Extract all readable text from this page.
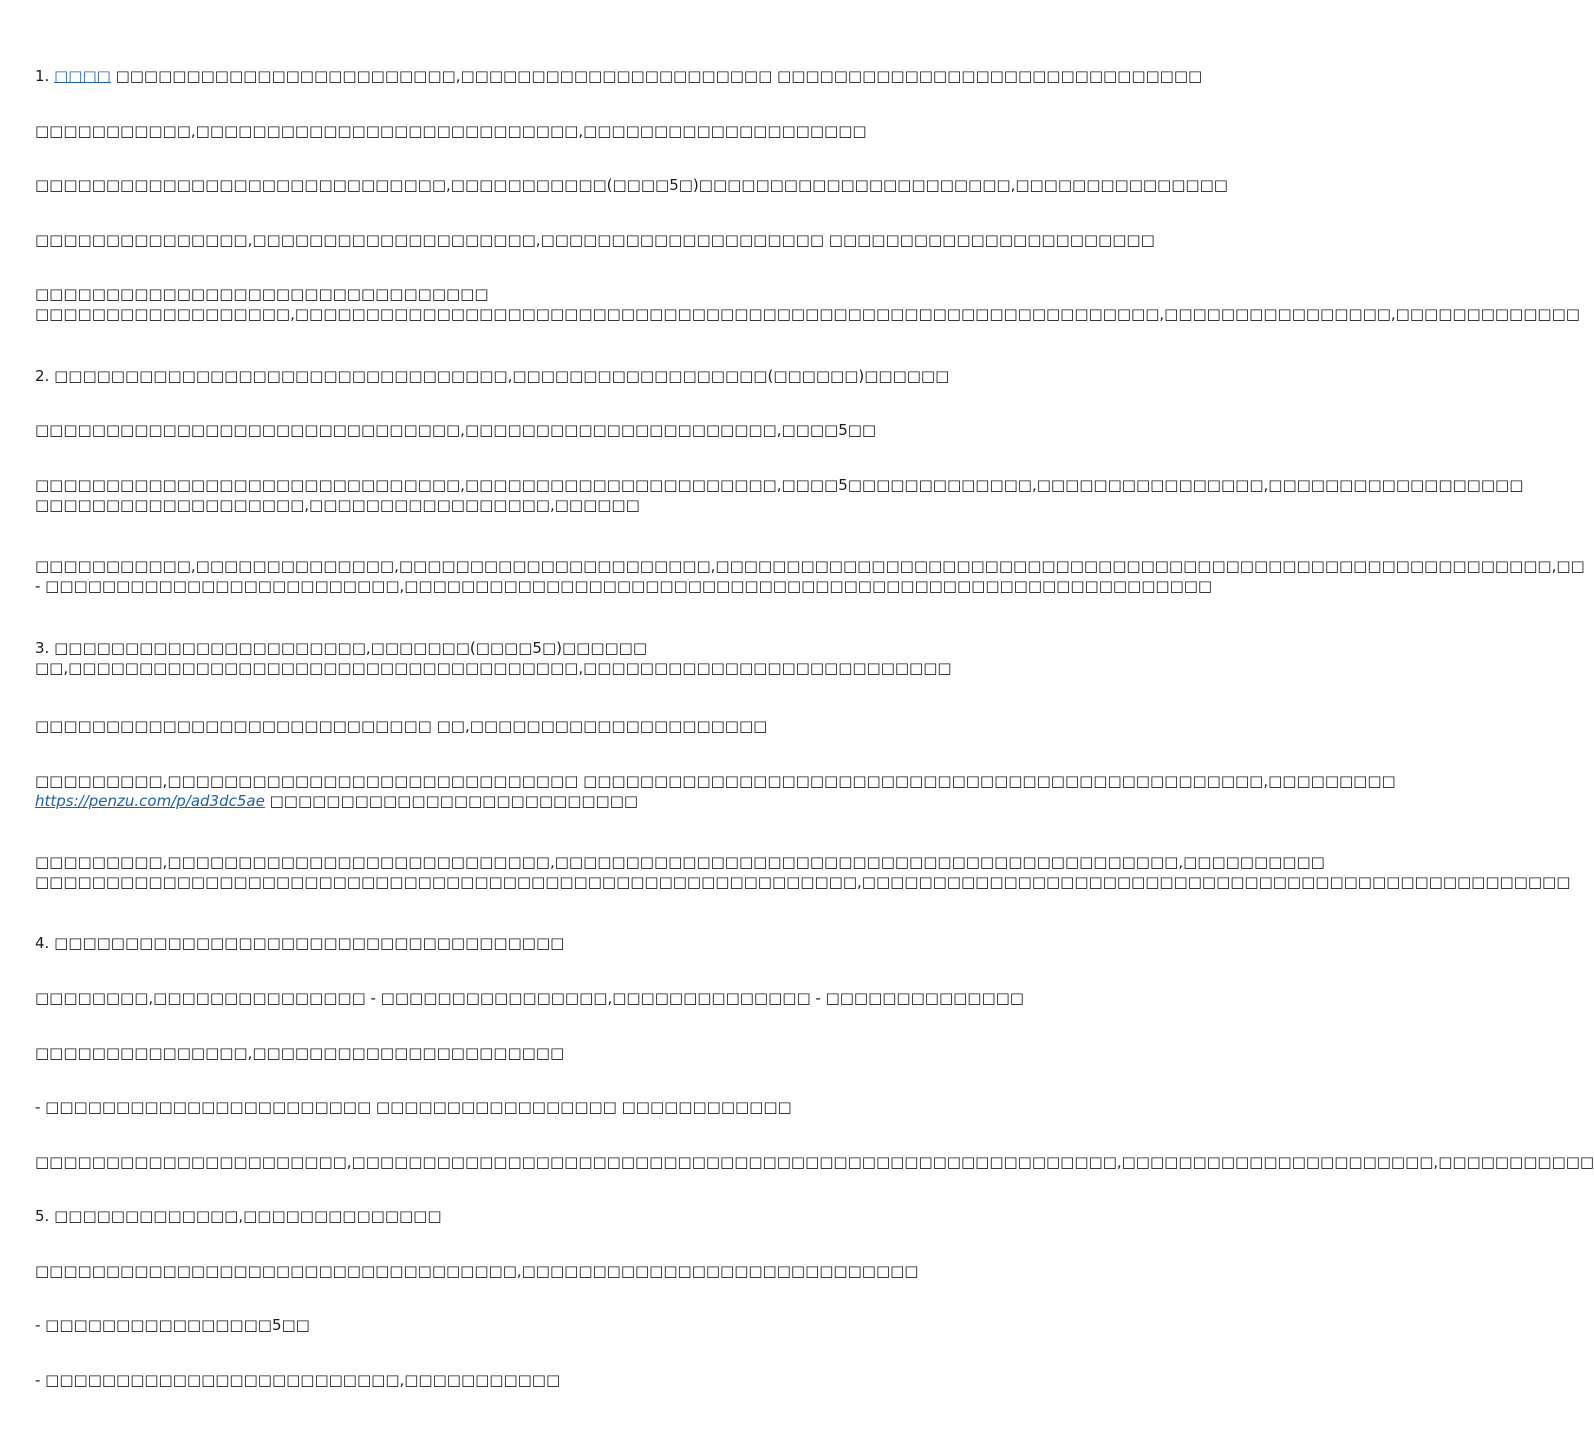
1. □□□□ □□□□□□□□□□□□□□□□□□□□□□□□,□□□□□□□□□□□□□□□□□□□□□□ □□□□□□□□□□□□□□□□□□□□□□□□□□□□□□
□□□□□□□□□□□,□□□□□□□□□□□□□□□□□□□□□□□□□□□,□□□□□□□□□□□□□□□□□□□□
□□□□□□□□□□□□□□□□□□□□□□□□□□□□□,□□□□□□□□□□□(□□□□5□)□□□□□□□□□□□□□□□□□□□□□□,□□□□□□□□□□□□□□□
□□□□□□□□□□□□□□□,□□□□□□□□□□□□□□□□□□□□,□□□□□□□□□□□□□□□□□□□□ □□□□□□□□□□□□□□□□□□□□□□□
□□□□□□□□□□□□□□□□□□□□□□□□□□□□□□□□
□□□□□□□□□□□□□□□□□□,□□□□□□□□□□□□□□□□□□□□□□□□□□□□□□□□□□□□□□□□□□□□□□□□□□□□□□□□□□□□□,□□□□□□□□□□□□□□□□,□□□□□□□□□□□□□
2. □□□□□□□□□□□□□□□□□□□□□□□□□□□□□□□□,□□□□□□□□□□□□□□□□□□(□□□□□□)□□□□□□
□□□□□□□□□□□□□□□□□□□□□□□□□□□□□□,□□□□□□□□□□□□□□□□□□□□□□,□□□□5□□
□□□□□□□□□□□□□□□□□□□□□□□□□□□□□□,□□□□□□□□□□□□□□□□□□□□□□,□□□□5□□□□□□□□□□□□□,□□□□□□□□□□□□□□□□,□□□□□□□□□□□□□□□□□□
□□□□□□□□□□□□□□□□□□□,□□□□□□□□□□□□□□□□□,□□□□□□
□□□□□□□□□□□,□□□□□□□□□□□□□□,□□□□□□□□□□□□□□□□□□□□□□,□□□□□□□□□□□□□□□□□□□□□□□□□□□□□□□□□□□□□□□□□□□□□□□□□□□□□□□□□□□,□□
- □□□□□□□□□□□□□□□□□□□□□□□□□,□□□□□□□□□□□□□□□□□□□□□□□□□□□□□□□□□□□□□□□□□□□□□□□□□□□□□□□□□
3. □□□□□□□□□□□□□□□□□□□□□□,□□□□□□□(□□□□5□)□□□□□□
□□,□□□□□□□□□□□□□□□□□□□□□□□□□□□□□□□□□□□□,□□□□□□□□□□□□□□□□□□□□□□□□□□
□□□□□□□□□□□□□□□□□□□□□□□□□□□□ □□,□□□□□□□□□□□□□□□□□□□□□
□□□□□□□□□,□□□□□□□□□□□□□□□□□□□□□□□□□□□□□ □□□□□□□□□□□□□□□□□□□□□□□□□□□□□□□□□□□□□□□□□□□□□□□□,□□□□□□□□□
https://penzu.com/p/ad3dc5ae □□□□□□□□□□□□□□□□□□□□□□□□□□
□□□□□□□□□,□□□□□□□□□□□□□□□□□□□□□□□□□□□,□□□□□□□□□□□□□□□□□□□□□□□□□□□□□□□□□□□□□□□□□□□□,□□□□□□□□□□
□□□□□□□□□□□□□□□□□□□□□□□□□□□□□□□□□□□□□□□□□□□□□□□□□□□□□□□□□□,□□□□□□□□□□□□□□□□□□□□□□□□□□□□□□□□□□□□□□□□□□□□□□□□□□
4. □□□□□□□□□□□□□□□□□□□□□□□□□□□□□□□□□□□□
□□□□□□□□,□□□□□□□□□□□□□□□ - □□□□□□□□□□□□□□□□,□□□□□□□□□□□□□□ - □□□□□□□□□□□□□□
□□□□□□□□□□□□□□□,□□□□□□□□□□□□□□□□□□□□□□
- □□□□□□□□□□□□□□□□□□□□□□□ □□□□□□□□□□□□□□□□□ □□□□□□□□□□□□
□□□□□□□□□□□□□□□□□□□□□□,□□□□□□□□□□□□□□□□□□□□□□□□□□□□□□□□□□□□□□□□□□□□□□□□□□□□□□,□□□□□□□□□□□□□□□□□□□□□□,□□□□□□□□□□□
5. □□□□□□□□□□□□□,□□□□□□□□□□□□□□
□□□□□□□□□□□□□□□□□□□□□□□□□□□□□□□□□□,□□□□□□□□□□□□□□□□□□□□□□□□□□□□
- □□□□□□□□□□□□□□□□5□□
- □□□□□□□□□□□□□□□□□□□□□□□□□,□□□□□□□□□□□
